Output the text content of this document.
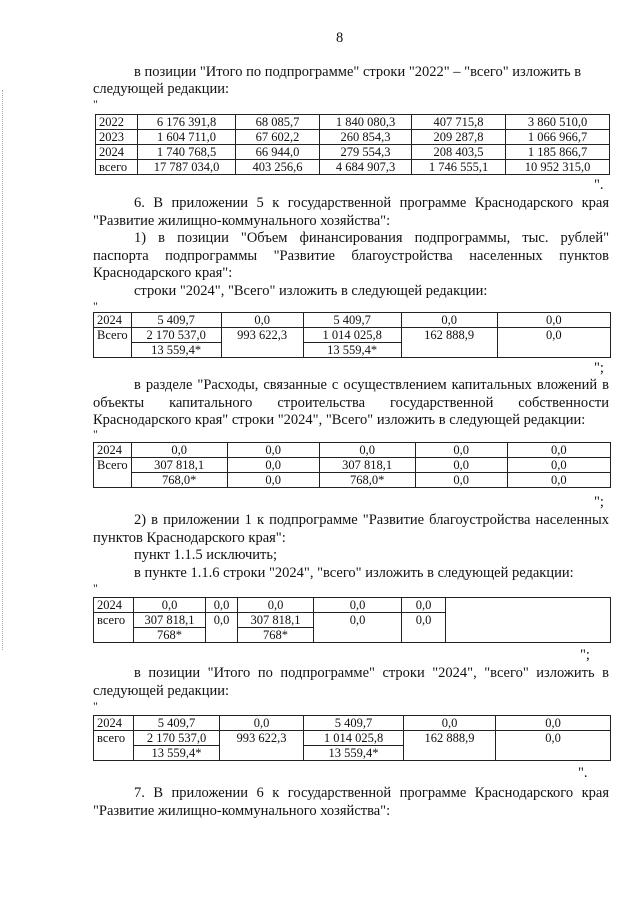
8
в позиции "Итого по подпрограмме" строки "2022" – "всего" изложить в
следующей редакции:
"
2022	6 176 391,8	68 085,7	1 840 080,3	407 715,8	3 860 510,0
2023	1 604 711,0	67 602,2	260 854,3	209 287,8	1 066 966,7
2024	1 740 768,5	66 944,0	279 554,3	208 403,5	1 185 866,7
всего	17 787 034,0	403 256,6	4 684 907,3	1 746 555,1	10 952 315,0
".
6. В приложении 5 к государственной программе Краснодарского края "Развитие жилищно-коммунального хозяйства":
1) в позиции "Объем финансирования подпрограммы, тыс. рублей" паспорта подпрограммы "Развитие благоустройства населенных пунктов Краснодарского края":
строки "2024", "Всего" изложить в следующей редакции:
"
2024	5 409,7	0,0	5 409,7	0,0	0,0
Всего	2 170 537,0	993 622,3	1 014 025,8	162 888,9	0,0
	13 559,4*		13 559,4*		
";
в разделе "Расходы, связанные с осуществлением капитальных вложений в объекты капитального строительства государственной собственности Краснодарского края" строки "2024", "Всего" изложить в следующей редакции:
"
2024	0,0	0,0	0,0	0,0	0,0
Всего	307 818,1	0,0	307 818,1	0,0	0,0
	768,0*	0,0	768,0*	0,0	0,0
";
2) в приложении 1 к подпрограмме "Развитие благоустройства населенных пунктов Краснодарского края":
пункт 1.1.5 исключить;
в пункте 1.1.6 строки "2024", "всего" изложить в следующей редакции:
"
2024	0,0	0,0	0,0	0,0	0,0	
всего	307 818,1	0,0	307 818,1	0,0	0,0	
	768*		768*			
";
в позиции "Итого по подпрограмме" строки "2024", "всего" изложить в следующей редакции:
"
2024	5 409,7	0,0	5 409,7	0,0	0,0
всего	2 170 537,0	993 622,3	1 014 025,8	162 888,9	0,0
	13 559,4*		13 559,4*		
".
7. В приложении 6 к государственной программе Краснодарского края "Развитие жилищно-коммунального хозяйства":
